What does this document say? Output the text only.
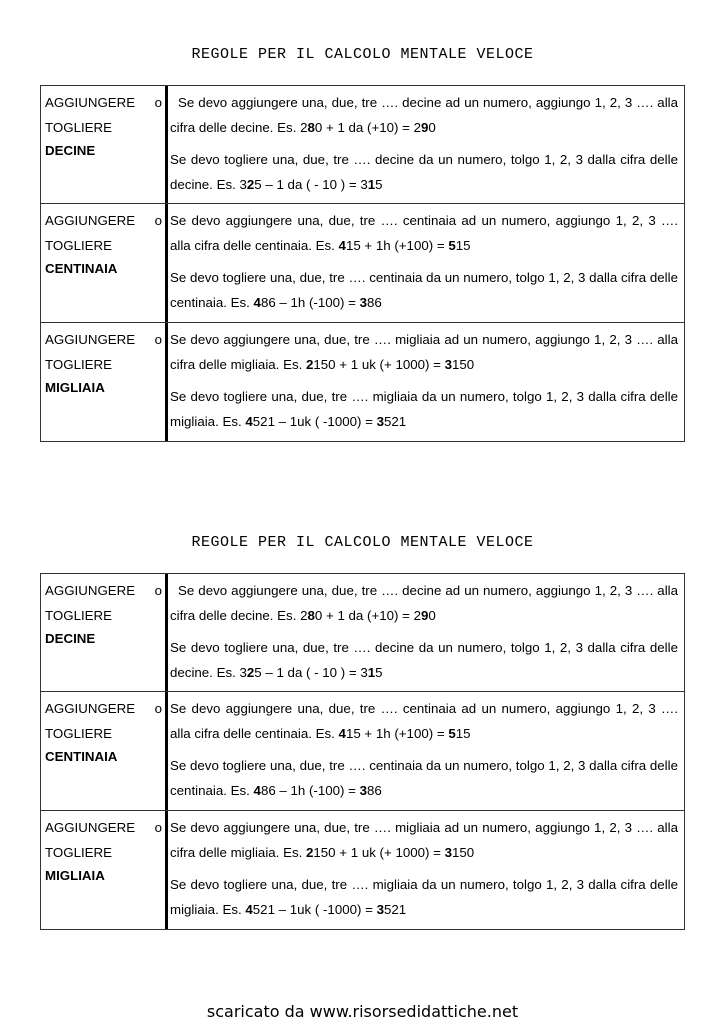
REGOLE PER IL CALCOLO MENTALE VELOCE
AGGIUNGERE o
TOGLIERE
DECINE

Se devo aggiungere una, due, tre …. decine ad un numero, aggiungo 1, 2, 3 …. alla cifra delle decine. Es. 280 + 1 da (+10) = 290

Se devo togliere una, due, tre …. decine da un numero, tolgo 1, 2, 3 dalla cifra delle decine. Es. 325 – 1 da ( - 10 ) = 315

AGGIUNGERE o
TOGLIERE
CENTINAIA

Se devo aggiungere una, due, tre …. centinaia ad un numero, aggiungo 1, 2, 3 …. alla cifra delle centinaia. Es. 415 + 1h (+100) = 515

Se devo togliere una, due, tre …. centinaia da un numero, tolgo 1, 2, 3 dalla cifra delle centinaia. Es. 486 – 1h (-100) = 386

AGGIUNGERE o
TOGLIERE
MIGLIAIA

Se devo aggiungere una, due, tre …. migliaia ad un numero, aggiungo 1, 2, 3 …. alla cifra delle migliaia. Es. 2150 + 1 uk (+ 1000) = 3150

Se devo togliere una, due, tre …. migliaia da un numero, tolgo 1, 2, 3 dalla cifra delle migliaia. Es. 4521 – 1uk ( -1000) = 3521

REGOLE PER IL CALCOLO MENTALE VELOCE
AGGIUNGERE o
TOGLIERE
DECINE

Se devo aggiungere una, due, tre …. decine ad un numero, aggiungo 1, 2, 3 …. alla cifra delle decine. Es. 280 + 1 da (+10) = 290

Se devo togliere una, due, tre …. decine da un numero, tolgo 1, 2, 3 dalla cifra delle decine. Es. 325 – 1 da ( - 10 ) = 315

AGGIUNGERE o
TOGLIERE
CENTINAIA

Se devo aggiungere una, due, tre …. centinaia ad un numero, aggiungo 1, 2, 3 …. alla cifra delle centinaia. Es. 415 + 1h (+100) = 515

Se devo togliere una, due, tre …. centinaia da un numero, tolgo 1, 2, 3 dalla cifra delle centinaia. Es. 486 – 1h (-100) = 386

AGGIUNGERE o
TOGLIERE
MIGLIAIA

Se devo aggiungere una, due, tre …. migliaia ad un numero, aggiungo 1, 2, 3 …. alla cifra delle migliaia. Es. 2150 + 1 uk (+ 1000) = 3150

Se devo togliere una, due, tre …. migliaia da un numero, tolgo 1, 2, 3 dalla cifra delle migliaia. Es. 4521 – 1uk ( -1000) = 3521

scaricato da www.risorsedidattiche.net
